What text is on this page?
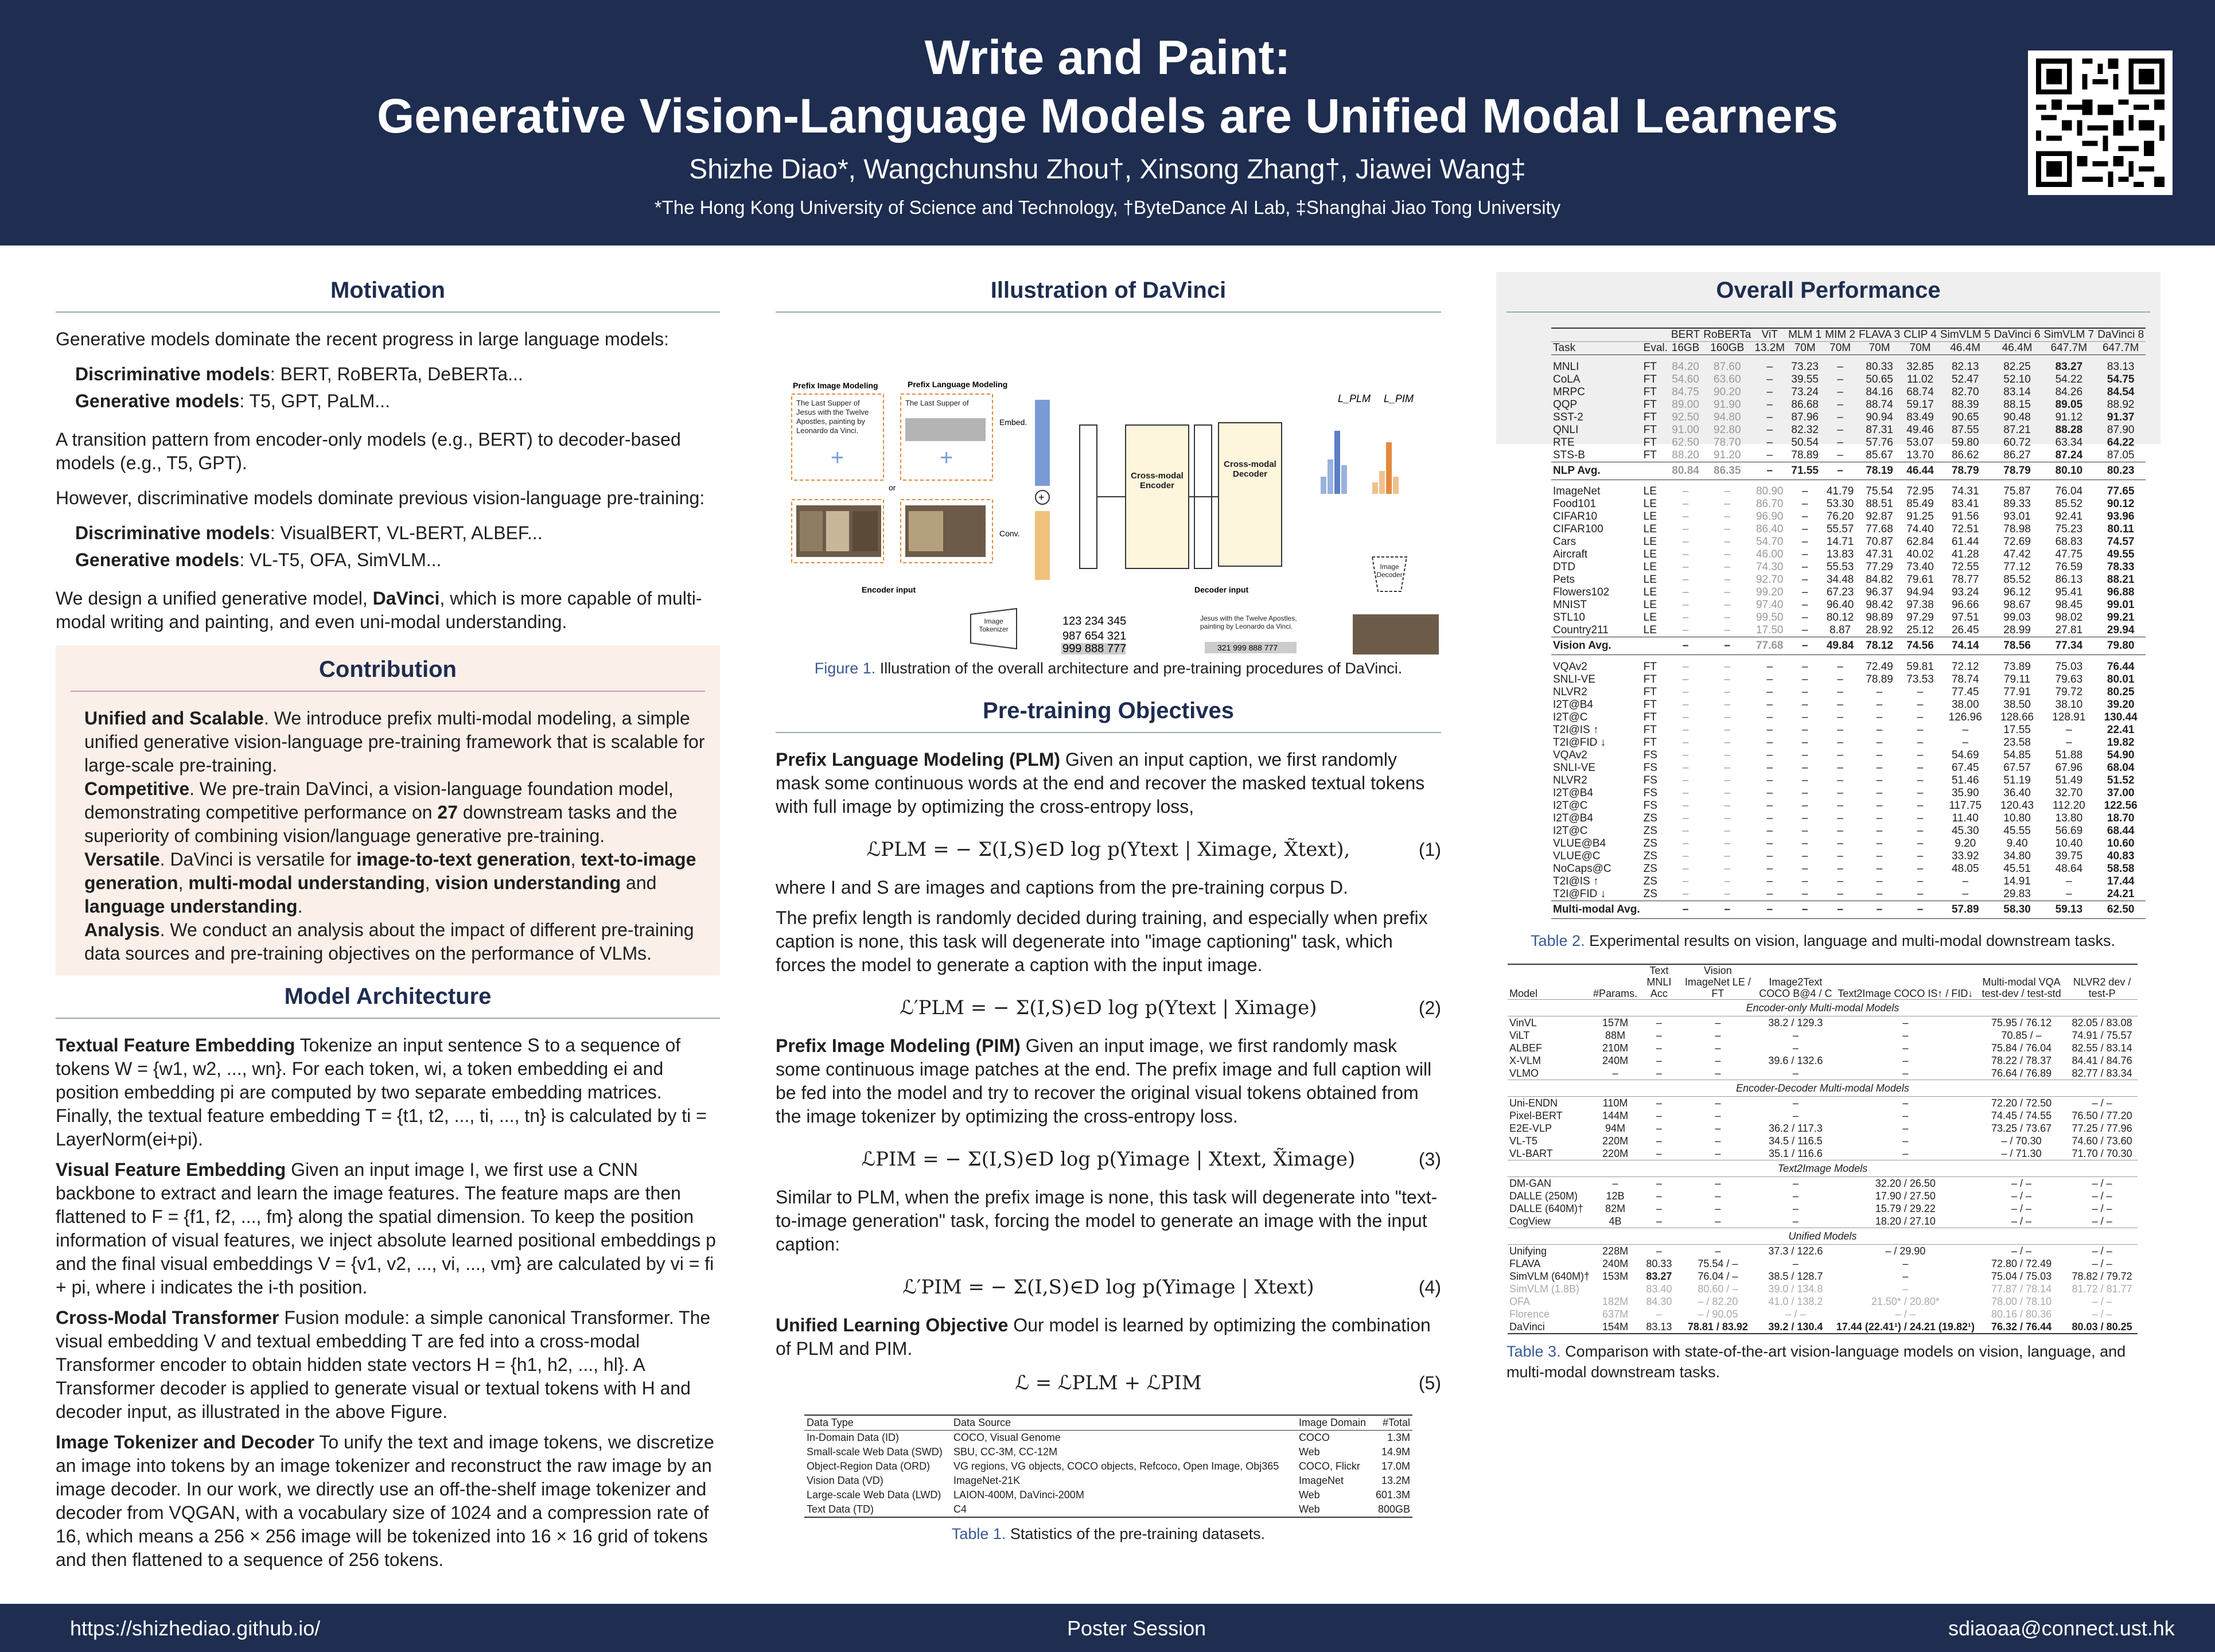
Write and Paint:
Generative Vision-Language Models are Unified Modal Learners
Shizhe Diao*, Wangchunshu Zhou†, Xinsong Zhang†, Jiawei Wang‡
*The Hong Kong University of Science and Technology, †ByteDance AI Lab, ‡Shanghai Jiao Tong University
Motivation
Generative models dominate the recent progress in large language models:
Discriminative models: BERT, RoBERTa, DeBERTa...
Generative models: T5, GPT, PaLM...
A transition pattern from encoder-only models (e.g., BERT) to decoder-based models (e.g., T5, GPT).
However, discriminative models dominate previous vision-language pre-training:
Discriminative models: VisualBERT, VL-BERT, ALBEF...
Generative models: VL-T5, OFA, SimVLM...
We design a unified generative model, DaVinci, which is more capable of multi-modal writing and painting, and even uni-modal understanding.
Contribution
Unified and Scalable. We introduce prefix multi-modal modeling, a simple unified generative vision-language pre-training framework that is scalable for large-scale pre-training.
Competitive. We pre-train DaVinci, a vision-language foundation model, demonstrating competitive performance on 27 downstream tasks and the superiority of combining vision/language generative pre-training.
Versatile. DaVinci is versatile for image-to-text generation, text-to-image generation, multi-modal understanding, vision understanding and language understanding.
Analysis. We conduct an analysis about the impact of different pre-training data sources and pre-training objectives on the performance of VLMs.
Model Architecture
Textual Feature Embedding Tokenize an input sentence S to a sequence of tokens W = {w1, w2, ..., wn}. For each token, wi, a token embedding ei and position embedding pi are computed by two separate embedding matrices. Finally, the textual feature embedding T = {t1, t2, ..., ti, ..., tn} is calculated by ti = LayerNorm(ei+pi).
Visual Feature Embedding Given an input image I, we first use a CNN backbone to extract and learn the image features. The feature maps are then flattened to F = {f1, f2, ..., fm} along the spatial dimension. To keep the position information of visual features, we inject absolute learned positional embeddings p and the final visual embeddings V = {v1, v2, ..., vi, ..., vm} are calculated by vi = fi + pi, where i indicates the i-th position.
Cross-Modal Transformer Fusion module: a simple canonical Transformer. The visual embedding V and textual embedding T are fed into a cross-modal Transformer encoder to obtain hidden state vectors H = {h1, h2, ..., hl}. A Transformer decoder is applied to generate visual or textual tokens with H and decoder input, as illustrated in the above Figure.
Image Tokenizer and Decoder To unify the text and image tokens, we discretize an image into tokens by an image tokenizer and reconstruct the raw image by an image decoder. In our work, we directly use an off-the-shelf image tokenizer and decoder from VQGAN, with a vocabulary size of 1024 and a compression rate of 16, which means a 256 × 256 image will be tokenized into 16 × 16 grid of tokens and then flattened to a sequence of 256 tokens.
Illustration of DaVinci
Prefix Image Modeling	Prefix Language Modeling
The Last Supper of Jesus with the Twelve Apostles, painting by Leonardo da Vinci.
+
or
The Last Supper of
+
Embed.
Conv.
+
Cross-modal Encoder
Cross-modal Decoder
L_PLM L_PIM
Image Decoder
Encoder input	Decoder input
Image Tokenizer
123 234 345
987 654 321
999 888 777
Jesus with the Twelve Apostles, painting by Leonardo da Vinci.
321 999 888 777
Figure 1. Illustration of the overall architecture and pre-training procedures of DaVinci.
Pre-training Objectives
Prefix Language Modeling (PLM) Given an input caption, we first randomly mask some continuous words at the end and recover the masked textual tokens with full image by optimizing the cross-entropy loss,
ℒPLM = − Σ(I,S)∈D log p(Ytext | Ximage, X̃text),	(1)
where I and S are images and captions from the pre-training corpus D.
The prefix length is randomly decided during training, and especially when prefix caption is none, this task will degenerate into "image captioning" task, which forces the model to generate a caption with the input image.
ℒ′PLM = − Σ(I,S)∈D log p(Ytext | Ximage)	(2)
Prefix Image Modeling (PIM) Given an input image, we first randomly mask some continuous image patches at the end. The prefix image and full caption will be fed into the model and try to recover the original visual tokens obtained from the image tokenizer by optimizing the cross-entropy loss.
ℒPIM = − Σ(I,S)∈D log p(Yimage | Xtext, X̃image)	(3)
Similar to PLM, when the prefix image is none, this task will degenerate into "text-to-image generation" task, forcing the model to generate an image with the input caption:
ℒ′PIM = − Σ(I,S)∈D log p(Yimage | Xtext)	(4)
Unified Learning Objective Our model is learned by optimizing the combination of PLM and PIM.
ℒ = ℒPLM + ℒPIM	(5)
Data Type	Data Source	Image Domain	#Total
In-Domain Data (ID)	COCO, Visual Genome	COCO	1.3M
Small-scale Web Data (SWD)	SBU, CC-3M, CC-12M	Web	14.9M
Object-Region Data (ORD)	VG regions, VG objects, COCO objects, Refcoco, Open Image, Obj365	COCO, Flickr	17.0M
Vision Data (VD)	ImageNet-21K	ImageNet	13.2M
Large-scale Web Data (LWD)	LAION-400M, DaVinci-200M	Web	601.3M
Text Data (TD)	C4	Web	800GB
Table 1. Statistics of the pre-training datasets.
Overall Performance
		BERT	RoBERTa	ViT	MLM 1	MIM 2	FLAVA 3	CLIP 4	SimVLM 5	DaVinci 6	SimVLM 7	DaVinci 8
Task	Eval.	16GB	160GB	13.2M	70M	70M	70M	70M	46.4M	46.4M	647.7M	647.7M

MNLI	FT	84.20	87.60	–	73.23	–	80.33	32.85	82.13	82.25	83.27	83.13
CoLA	FT	54.60	63.60	–	39.55	–	50.65	11.02	52.47	52.10	54.22	54.75
MRPC	FT	84.75	90.20	–	73.24	–	84.16	68.74	82.70	83.14	84.26	84.54
QQP	FT	89.00	91.90	–	86.68	–	88.74	59.17	88.39	88.15	89.05	88.92
SST-2	FT	92.50	94.80	–	87.96	–	90.94	83.49	90.65	90.48	91.12	91.37
QNLI	FT	91.00	92.80	–	82.32	–	87.31	49.46	87.55	87.21	88.28	87.90
RTE	FT	62.50	78.70	–	50.54	–	57.76	53.07	59.80	60.72	63.34	64.22
STS-B	FT	88.20	91.20	–	78.89	–	85.67	13.70	86.62	86.27	87.24	87.05
NLP Avg.		80.84	86.35	–	71.55	–	78.19	46.44	78.79	78.79	80.10	80.23

ImageNet	LE	–	–	80.90	–	41.79	75.54	72.95	74.31	75.87	76.04	77.65
Food101	LE	–	–	86.70	–	53.30	88.51	85.49	83.41	89.33	85.52	90.12
CIFAR10	LE	–	–	96.90	–	76.20	92.87	91.25	91.56	93.01	92.41	93.96
CIFAR100	LE	–	–	86.40	–	55.57	77.68	74.40	72.51	78.98	75.23	80.11
Cars	LE	–	–	54.70	–	14.71	70.87	62.84	61.44	72.69	68.83	74.57
Aircraft	LE	–	–	46.00	–	13.83	47.31	40.02	41.28	47.42	47.75	49.55
DTD	LE	–	–	74.30	–	55.53	77.29	73.40	72.55	77.12	76.59	78.33
Pets	LE	–	–	92.70	–	34.48	84.82	79.61	78.77	85.52	86.13	88.21
Flowers102	LE	–	–	99.20	–	67.23	96.37	94.94	93.24	96.12	95.41	96.88
MNIST	LE	–	–	97.40	–	96.40	98.42	97.38	96.66	98.67	98.45	99.01
STL10	LE	–	–	99.50	–	80.12	98.89	97.29	97.51	99.03	98.02	99.21
Country211	LE	–	–	17.50	–	8.87	28.92	25.12	26.45	28.99	27.81	29.94
Vision Avg.		–	–	77.68	–	49.84	78.12	74.56	74.14	78.56	77.34	79.80

VQAv2	FT	–	–	–	–	–	72.49	59.81	72.12	73.89	75.03	76.44
SNLI-VE	FT	–	–	–	–	–	78.89	73.53	78.74	79.11	79.63	80.01
NLVR2	FT	–	–	–	–	–	–	–	77.45	77.91	79.72	80.25
I2T@B4	FT	–	–	–	–	–	–	–	38.00	38.50	38.10	39.20
I2T@C	FT	–	–	–	–	–	–	–	126.96	128.66	128.91	130.44
T2I@IS ↑	FT	–	–	–	–	–	–	–	–	17.55	–	22.41
T2I@FID ↓	FT	–	–	–	–	–	–	–	–	23.58	–	19.82
VQAv2	FS	–	–	–	–	–	–	–	54.69	54.85	51.88	54.90
SNLI-VE	FS	–	–	–	–	–	–	–	67.45	67.57	67.96	68.04
NLVR2	FS	–	–	–	–	–	–	–	51.46	51.19	51.49	51.52
I2T@B4	FS	–	–	–	–	–	–	–	35.90	36.40	32.70	37.00
I2T@C	FS	–	–	–	–	–	–	–	117.75	120.43	112.20	122.56
I2T@B4	ZS	–	–	–	–	–	–	–	11.40	10.80	13.80	18.70
I2T@C	ZS	–	–	–	–	–	–	–	45.30	45.55	56.69	68.44
VLUE@B4	ZS	–	–	–	–	–	–	–	9.20	9.40	10.40	10.60
VLUE@C	ZS	–	–	–	–	–	–	–	33.92	34.80	39.75	40.83
NoCaps@C	ZS	–	–	–	–	–	–	–	48.05	45.51	48.64	58.58
T2I@IS ↑	ZS	–	–	–	–	–	–	–	–	14.91	–	17.44
T2I@FID ↓	ZS	–	–	–	–	–	–	–	–	29.83	–	24.21
Multi-modal Avg.		–	–	–	–	–	–	–	57.89	58.30	59.13	62.50
Table 2. Experimental results on vision, language and multi-modal downstream tasks.
Model	#Params.	Text MNLI Acc	Vision ImageNet LE / FT	Image2Text COCO B@4 / C	Text2Image COCO IS↑ / FID↓	Multi-modal VQA test-dev / test-std	NLVR2 dev / test-P
Encoder-only Multi-modal Models							
VinVL	157M	–	–	38.2 / 129.3	–	75.95 / 76.12	82.05 / 83.08
ViLT	88M	–	–	–	–	70.85 / –	74.91 / 75.57
ALBEF	210M	–	–	–	–	75.84 / 76.04	82.55 / 83.14
X-VLM	240M	–	–	39.6 / 132.6	–	78.22 / 78.37	84.41 / 84.76
VLMO	–	–	–	–	–	76.64 / 76.89	82.77 / 83.34
Encoder-Decoder Multi-modal Models							
Uni-ENDN	110M	–	–	–	–	72.20 / 72.50	– / –
Pixel-BERT	144M	–	–	–	–	74.45 / 74.55	76.50 / 77.20
E2E-VLP	94M	–	–	36.2 / 117.3	–	73.25 / 73.67	77.25 / 77.96
VL-T5	220M	–	–	34.5 / 116.5	–	– / 70.30	74.60 / 73.60
VL-BART	220M	–	–	35.1 / 116.6	–	– / 71.30	71.70 / 70.30
Text2Image Models							
DM-GAN	–	–	–	–	32.20 / 26.50	– / –	– / –
DALLE (250M)	12B	–	–	–	17.90 / 27.50	– / –	– / –
DALLE (640M)†	82M	–	–	–	15.79 / 29.22	– / –	– / –
CogView	4B	–	–	–	18.20 / 27.10	– / –	– / –
Unified Models							
Unifying	228M	–	–	37.3 / 122.6	– / 29.90	– / –	– / –
FLAVA	240M	80.33	75.54 / –	–	–	72.80 / 72.49	– / –
SimVLM (640M)†	153M	83.27	76.04 / –	38.5 / 128.7	–	75.04 / 75.03	78.82 / 79.72
SimVLM (1.8B)		83.40	80.60 / –	39.0 / 134.8	–	77.87 / 78.14	81.72 / 81.77
OFA	182M	84.30	– / 82.20	41.0 / 138.2	21.50* / 20.80*	78.00 / 78.10	– / –
Florence	637M	–	– / 90.05	– / –	– / –	80.16 / 80.36	– / –
DaVinci	154M	83.13	78.81 / 83.92	39.2 / 130.4	17.44 (22.41¹) / 24.21 (19.82¹)	76.32 / 76.44	80.03 / 80.25
Table 3. Comparison with state-of-the-art vision-language models on vision, language, and multi-modal downstream tasks.
https://shizhediao.github.io/	Poster Session	sdiaoaa@connect.ust.hk
